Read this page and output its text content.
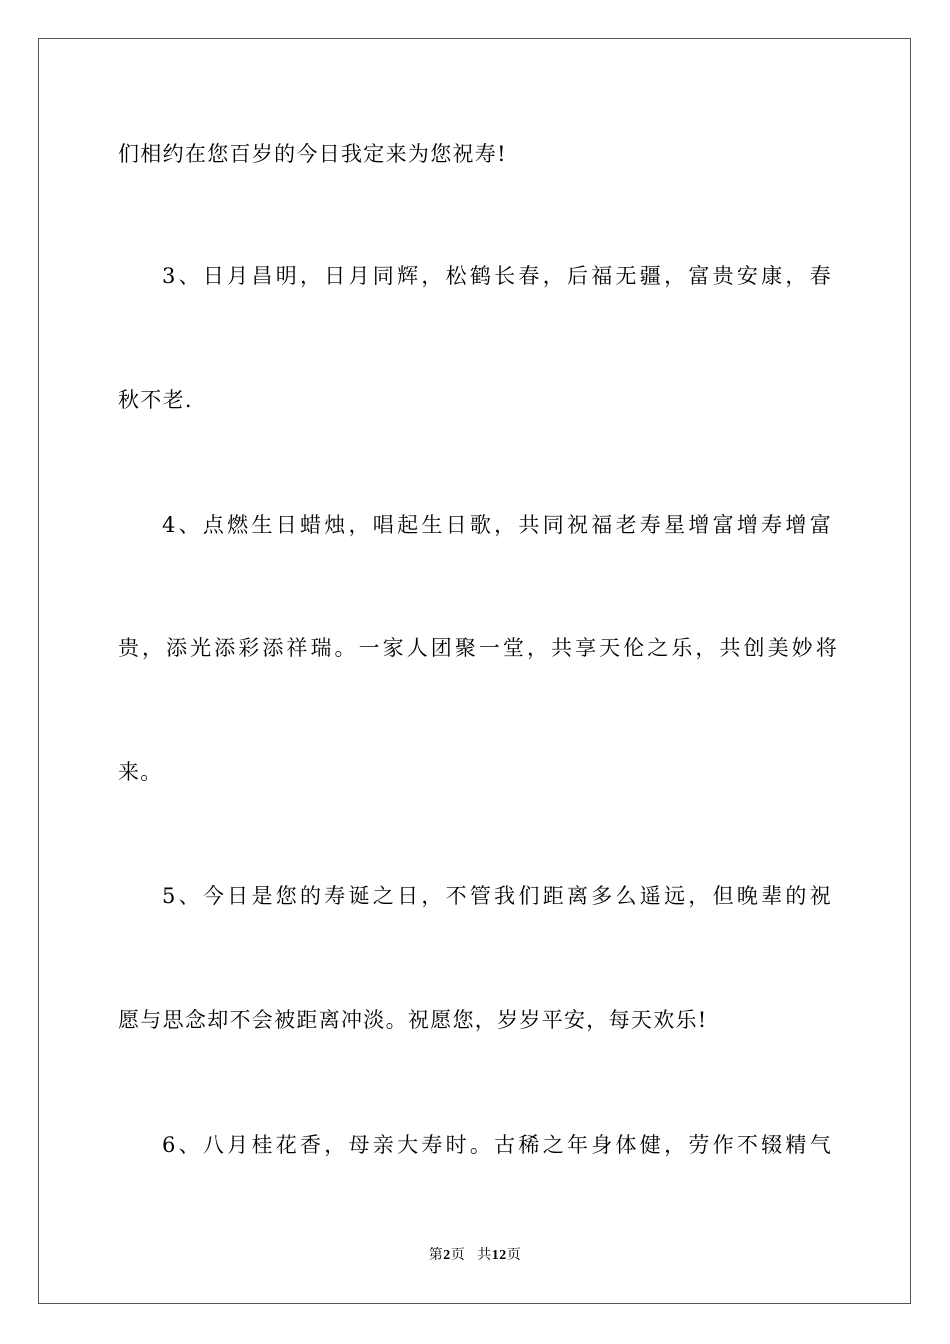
们相约在您百岁的今日我定来为您祝寿!

3、日月昌明，日月同辉，松鹤长春，后福无疆，富贵安康，春

秋不老.

4、点燃生日蜡烛，唱起生日歌，共同祝福老寿星增富增寿增富

贵，添光添彩添祥瑞。一家人团聚一堂，共享天伦之乐，共创美妙将

来。

5、今日是您的寿诞之日，不管我们距离多么遥远，但晚辈的祝

愿与思念却不会被距离冲淡。祝愿您，岁岁平安，每天欢乐!

6、八月桂花香，母亲大寿时。古稀之年身体健，劳作不辍精气

第2页 共12页
